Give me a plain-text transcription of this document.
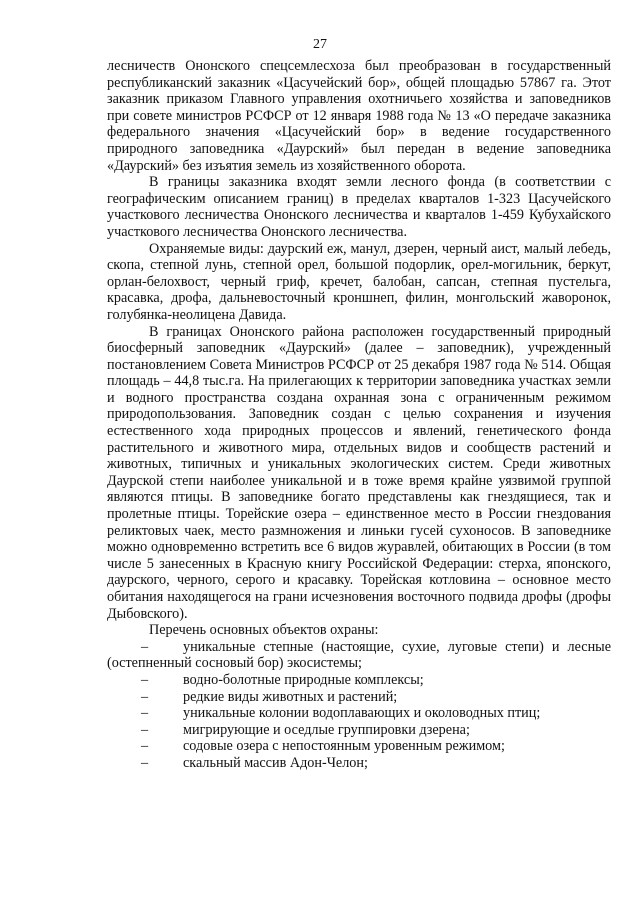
27

лесничеств Ононского спецсемлесхоза был преобразован в государственный республиканский заказник «Цасучейский бор», общей площадью 57867 га. Этот заказник приказом Главного управления охотничьего хозяйства и заповедников при совете министров РСФСР от 12 января 1988 года № 13 «О передаче заказника федерального значения «Цасучейский бор» в ведение государственного природного заповедника «Даурский» был передан в ведение заповедника «Даурский» без изъятия земель из хозяйственного оборота.

В границы заказника входят земли лесного фонда (в соответствии с географическим описанием границ) в пределах кварталов 1-323 Цасучейского участкового лесничества Ононского лесничества и кварталов 1-459 Кубухайского участкового лесничества Ононского лесничества.

Охраняемые виды: даурский еж, манул, дзерен, черный аист, малый лебедь, скопа, степной лунь, степной орел, большой подорлик, орел-могильник, беркут, орлан-белохвост, черный гриф, кречет, балобан, сапсан, степная пустельга, красавка, дрофа, дальневосточный кроншнеп, филин, монгольский жаворонок, голубянка-неолицена Давида.

В границах Ононского района расположен государственный природный биосферный заповедник «Даурский» (далее – заповедник), учрежденный постановлением Совета Министров РСФСР от 25 декабря 1987 года № 514. Общая площадь – 44,8 тыс.га. На прилегающих к территории заповедника участках земли и водного пространства создана охранная зона с ограниченным режимом природопользования. Заповедник создан с целью сохранения и изучения естественного хода природных процессов и явлений, генетического фонда растительного и животного мира, отдельных видов и сообществ растений и животных, типичных и уникальных экологических систем. Среди животных Даурской степи наиболее уникальной и в тоже время крайне уязвимой группой являются птицы. В заповеднике богато представлены как гнездящиеся, так и пролетные птицы. Торейские озера – единственное место в России гнездования реликтовых чаек, место размножения и линьки гусей сухоносов. В заповеднике можно одновременно встретить все 6 видов журавлей, обитающих в России (в том числе 5 занесенных в Красную книгу Российской Федерации: стерха, японского, даурского, черного, серого и красавку. Торейская котловина – основное место обитания находящегося на грани исчезновения восточного подвида дрофы (дрофы Дыбовского).

Перечень основных объектов охраны:

– уникальные степные (настоящие, сухие, луговые степи) и лесные (остепненный сосновый бор) экосистемы;
– водно-болотные природные комплексы;
– редкие виды животных и растений;
– уникальные колонии водоплавающих и околоводных птиц;
– мигрирующие и оседлые группировки дзерена;
– содовые озера с непостоянным уровенным режимом;
– скальный массив Адон-Челон;
